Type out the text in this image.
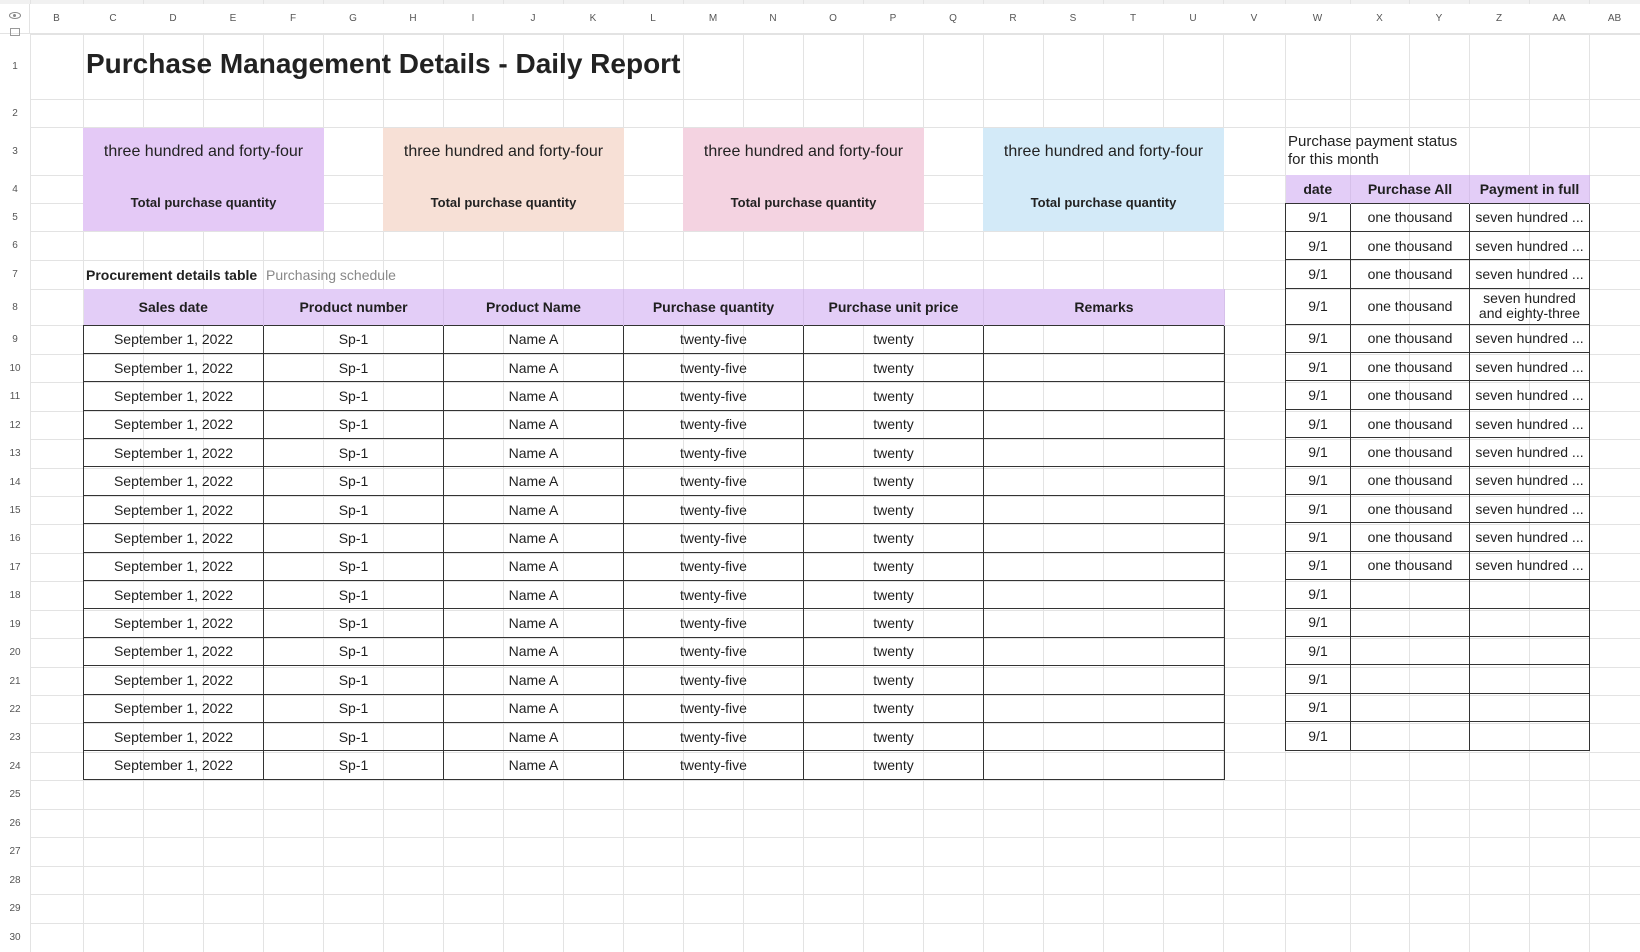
B	C	D	E	F	G	H	I	J	K	L	M	N	O	P	Q	R	S	T	U	V	W	X	Y	Z	AA	AB
1
2
3
4
5
6
7
8
9
10
11
12
13
14
15
16
17
18
19
20
21
22
23
24
25
26
27
28
29
30
Purchase Management Details - Daily Report
three hundred and forty-four
Total purchase quantity
three hundred and forty-four
Total purchase quantity
three hundred and forty-four
Total purchase quantity
three hundred and forty-four
Total purchase quantity
Procurement details table Purchasing schedule
Sales date	Product number	Product Name	Purchase quantity	Purchase unit price	Remarks
September 1, 2022	Sp-1	Name A	twenty-five	twenty	
September 1, 2022	Sp-1	Name A	twenty-five	twenty	
September 1, 2022	Sp-1	Name A	twenty-five	twenty	
September 1, 2022	Sp-1	Name A	twenty-five	twenty	
September 1, 2022	Sp-1	Name A	twenty-five	twenty	
September 1, 2022	Sp-1	Name A	twenty-five	twenty	
September 1, 2022	Sp-1	Name A	twenty-five	twenty	
September 1, 2022	Sp-1	Name A	twenty-five	twenty	
September 1, 2022	Sp-1	Name A	twenty-five	twenty	
September 1, 2022	Sp-1	Name A	twenty-five	twenty	
September 1, 2022	Sp-1	Name A	twenty-five	twenty	
September 1, 2022	Sp-1	Name A	twenty-five	twenty	
September 1, 2022	Sp-1	Name A	twenty-five	twenty	
September 1, 2022	Sp-1	Name A	twenty-five	twenty	
September 1, 2022	Sp-1	Name A	twenty-five	twenty	
September 1, 2022	Sp-1	Name A	twenty-five	twenty	
Purchase payment status for this month
date	Purchase All	Payment in full
9/1	one thousand	seven hundred ...
9/1	one thousand	seven hundred ...
9/1	one thousand	seven hundred ...
9/1	one thousand	seven hundred and eighty-three
9/1	one thousand	seven hundred ...
9/1	one thousand	seven hundred ...
9/1	one thousand	seven hundred ...
9/1	one thousand	seven hundred ...
9/1	one thousand	seven hundred ...
9/1	one thousand	seven hundred ...
9/1	one thousand	seven hundred ...
9/1	one thousand	seven hundred ...
9/1	one thousand	seven hundred ...
9/1		
9/1		
9/1		
9/1		
9/1		
9/1		
